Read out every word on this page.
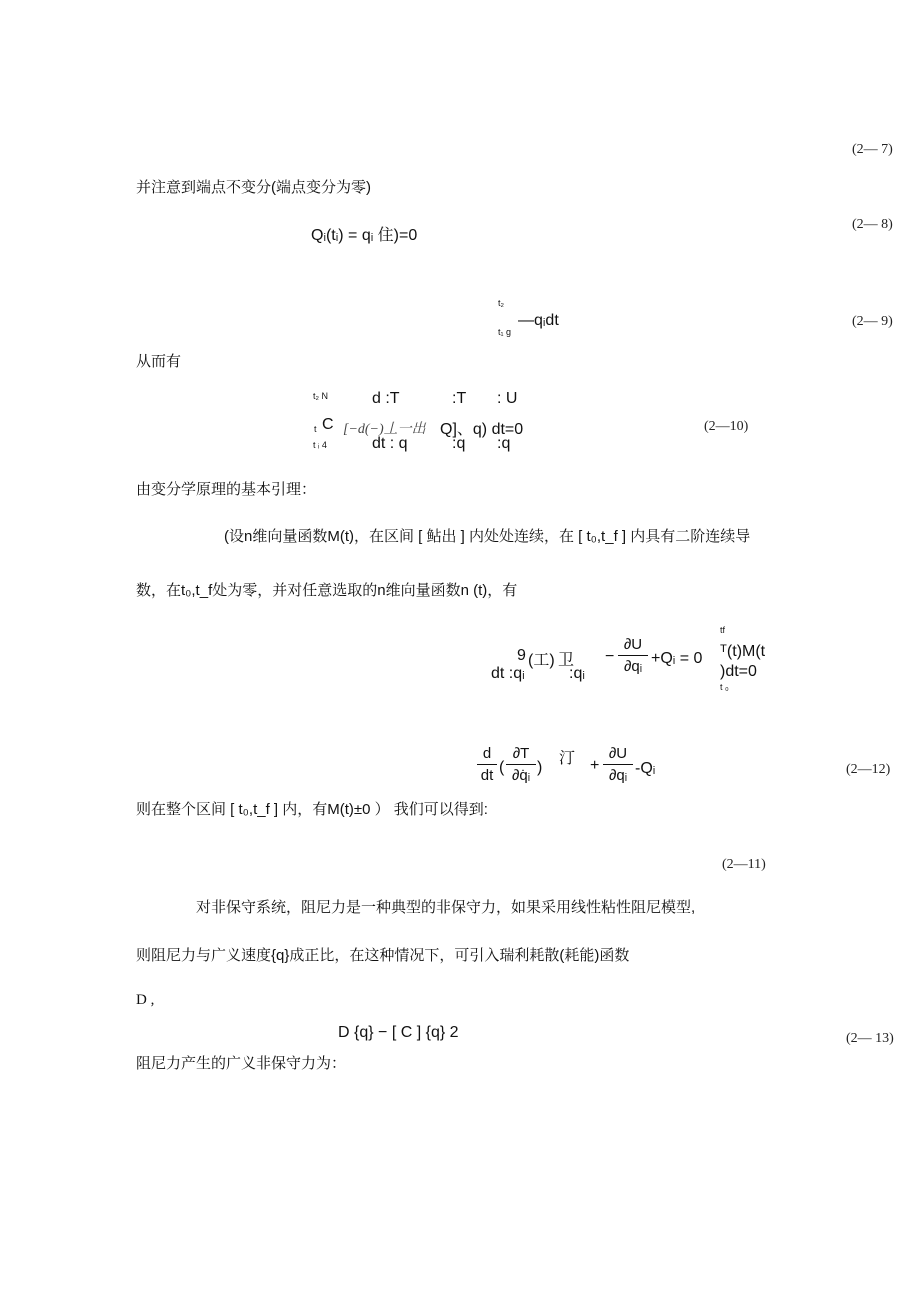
(2— 7)
并注意到端点不变分(端点变分为零)
Qᵢ(tᵢ) = qᵢ 住)=0
(2— 8)
t₂
—qᵢdt
t₁ g
(2— 9)
从而有
t₂ N	d :T	:T : U
t C [−d(−)丄一出 Q]、q) dt=0
t ᵢ 4	dt : q	:q :q
(2—10)
由变分学原理的基本引理：
(设n维向量函数M(t)，在区间 [ 鲇出 ] 内处处连续，在 [ t₀,t_f ] 内具有二阶连续导
数，在t₀,t_f处为零，并对任意选取的n维向量函数n (t)，有
9 (工) 卫
dt :qᵢ	:qᵢ
−
∂U
∂qᵢ +Qᵢ = 0
tf
ᵀ(t)M(t
)dt=0
t ₀
d
dt (
∂T
∂q̇ᵢ )
汀 +
∂U
∂qᵢ -Qᵢ	(2—12)
则在整个区间 [ t₀,t_f ] 内，有M(t)±0 ） 我们可以得到:
(2—11)
对非保守系统，阻尼力是一种典型的非保守力，如果采用线性粘性阻尼模型,
则阻尼力与广义速度{q}成正比，在这种情况下，可引入瑞利耗散(耗能)函数
D ,
D {q} − [ C ] {q} 2	(2— 13)
阻尼力产生的广义非保守力为：
